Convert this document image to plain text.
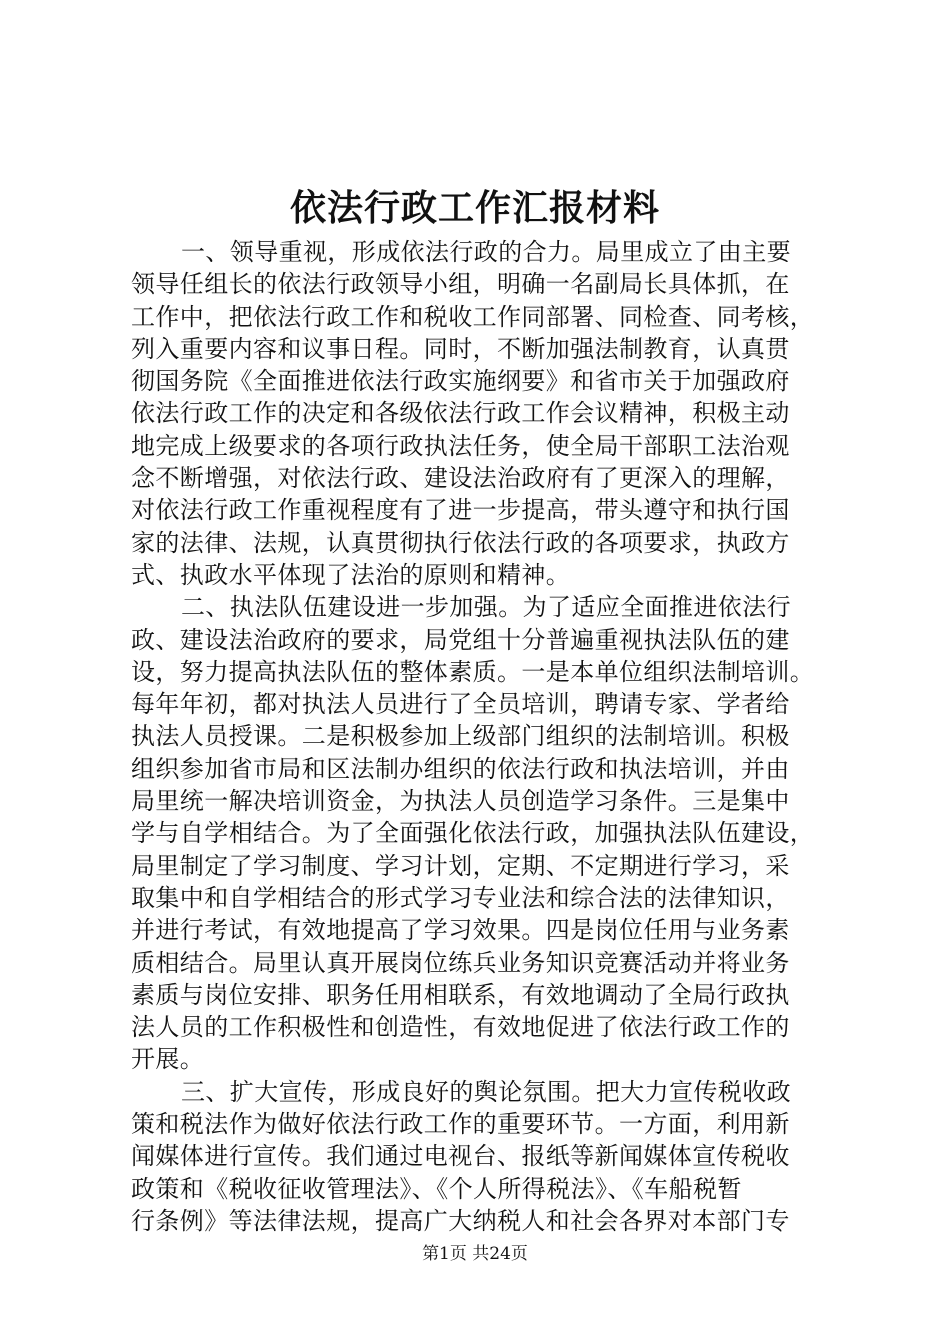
依法行政工作汇报材料
一、领导重视，形成依法行政的合力。局里成立了由主要
领导任组长的依法行政领导小组，明确一名副局长具体抓，在
工作中，把依法行政工作和税收工作同部署、同检查、同考核，
列入重要内容和议事日程。同时，不断加强法制教育，认真贯
彻国务院《全面推进依法行政实施纲要》和省市关于加强政府
依法行政工作的决定和各级依法行政工作会议精神，积极主动
地完成上级要求的各项行政执法任务，使全局干部职工法治观
念不断增强，对依法行政、建设法治政府有了更深入的理解，
对依法行政工作重视程度有了进一步提高，带头遵守和执行国
家的法律、法规，认真贯彻执行依法行政的各项要求，执政方
式、执政水平体现了法治的原则和精神。
二、执法队伍建设进一步加强。为了适应全面推进依法行
政、建设法治政府的要求，局党组十分普遍重视执法队伍的建
设，努力提高执法队伍的整体素质。一是本单位组织法制培训。
每年年初，都对执法人员进行了全员培训，聘请专家、学者给
执法人员授课。二是积极参加上级部门组织的法制培训。积极
组织参加省市局和区法制办组织的依法行政和执法培训，并由
局里统一解决培训资金，为执法人员创造学习条件。三是集中
学与自学相结合。为了全面强化依法行政，加强执法队伍建设，
局里制定了学习制度、学习计划，定期、不定期进行学习，采
取集中和自学相结合的形式学习专业法和综合法的法律知识，
并进行考试，有效地提高了学习效果。四是岗位任用与业务素
质相结合。局里认真开展岗位练兵业务知识竞赛活动并将业务
素质与岗位安排、职务任用相联系，有效地调动了全局行政执
法人员的工作积极性和创造性，有效地促进了依法行政工作的
开展。
三、扩大宣传，形成良好的舆论氛围。把大力宣传税收政
策和税法作为做好依法行政工作的重要环节。一方面，利用新
闻媒体进行宣传。我们通过电视台、报纸等新闻媒体宣传税收
政策和《税收征收管理法》、《个人所得税法》、《车船税暂
行条例》等法律法规，提高广大纳税人和社会各界对本部门专
第1页 共24页
